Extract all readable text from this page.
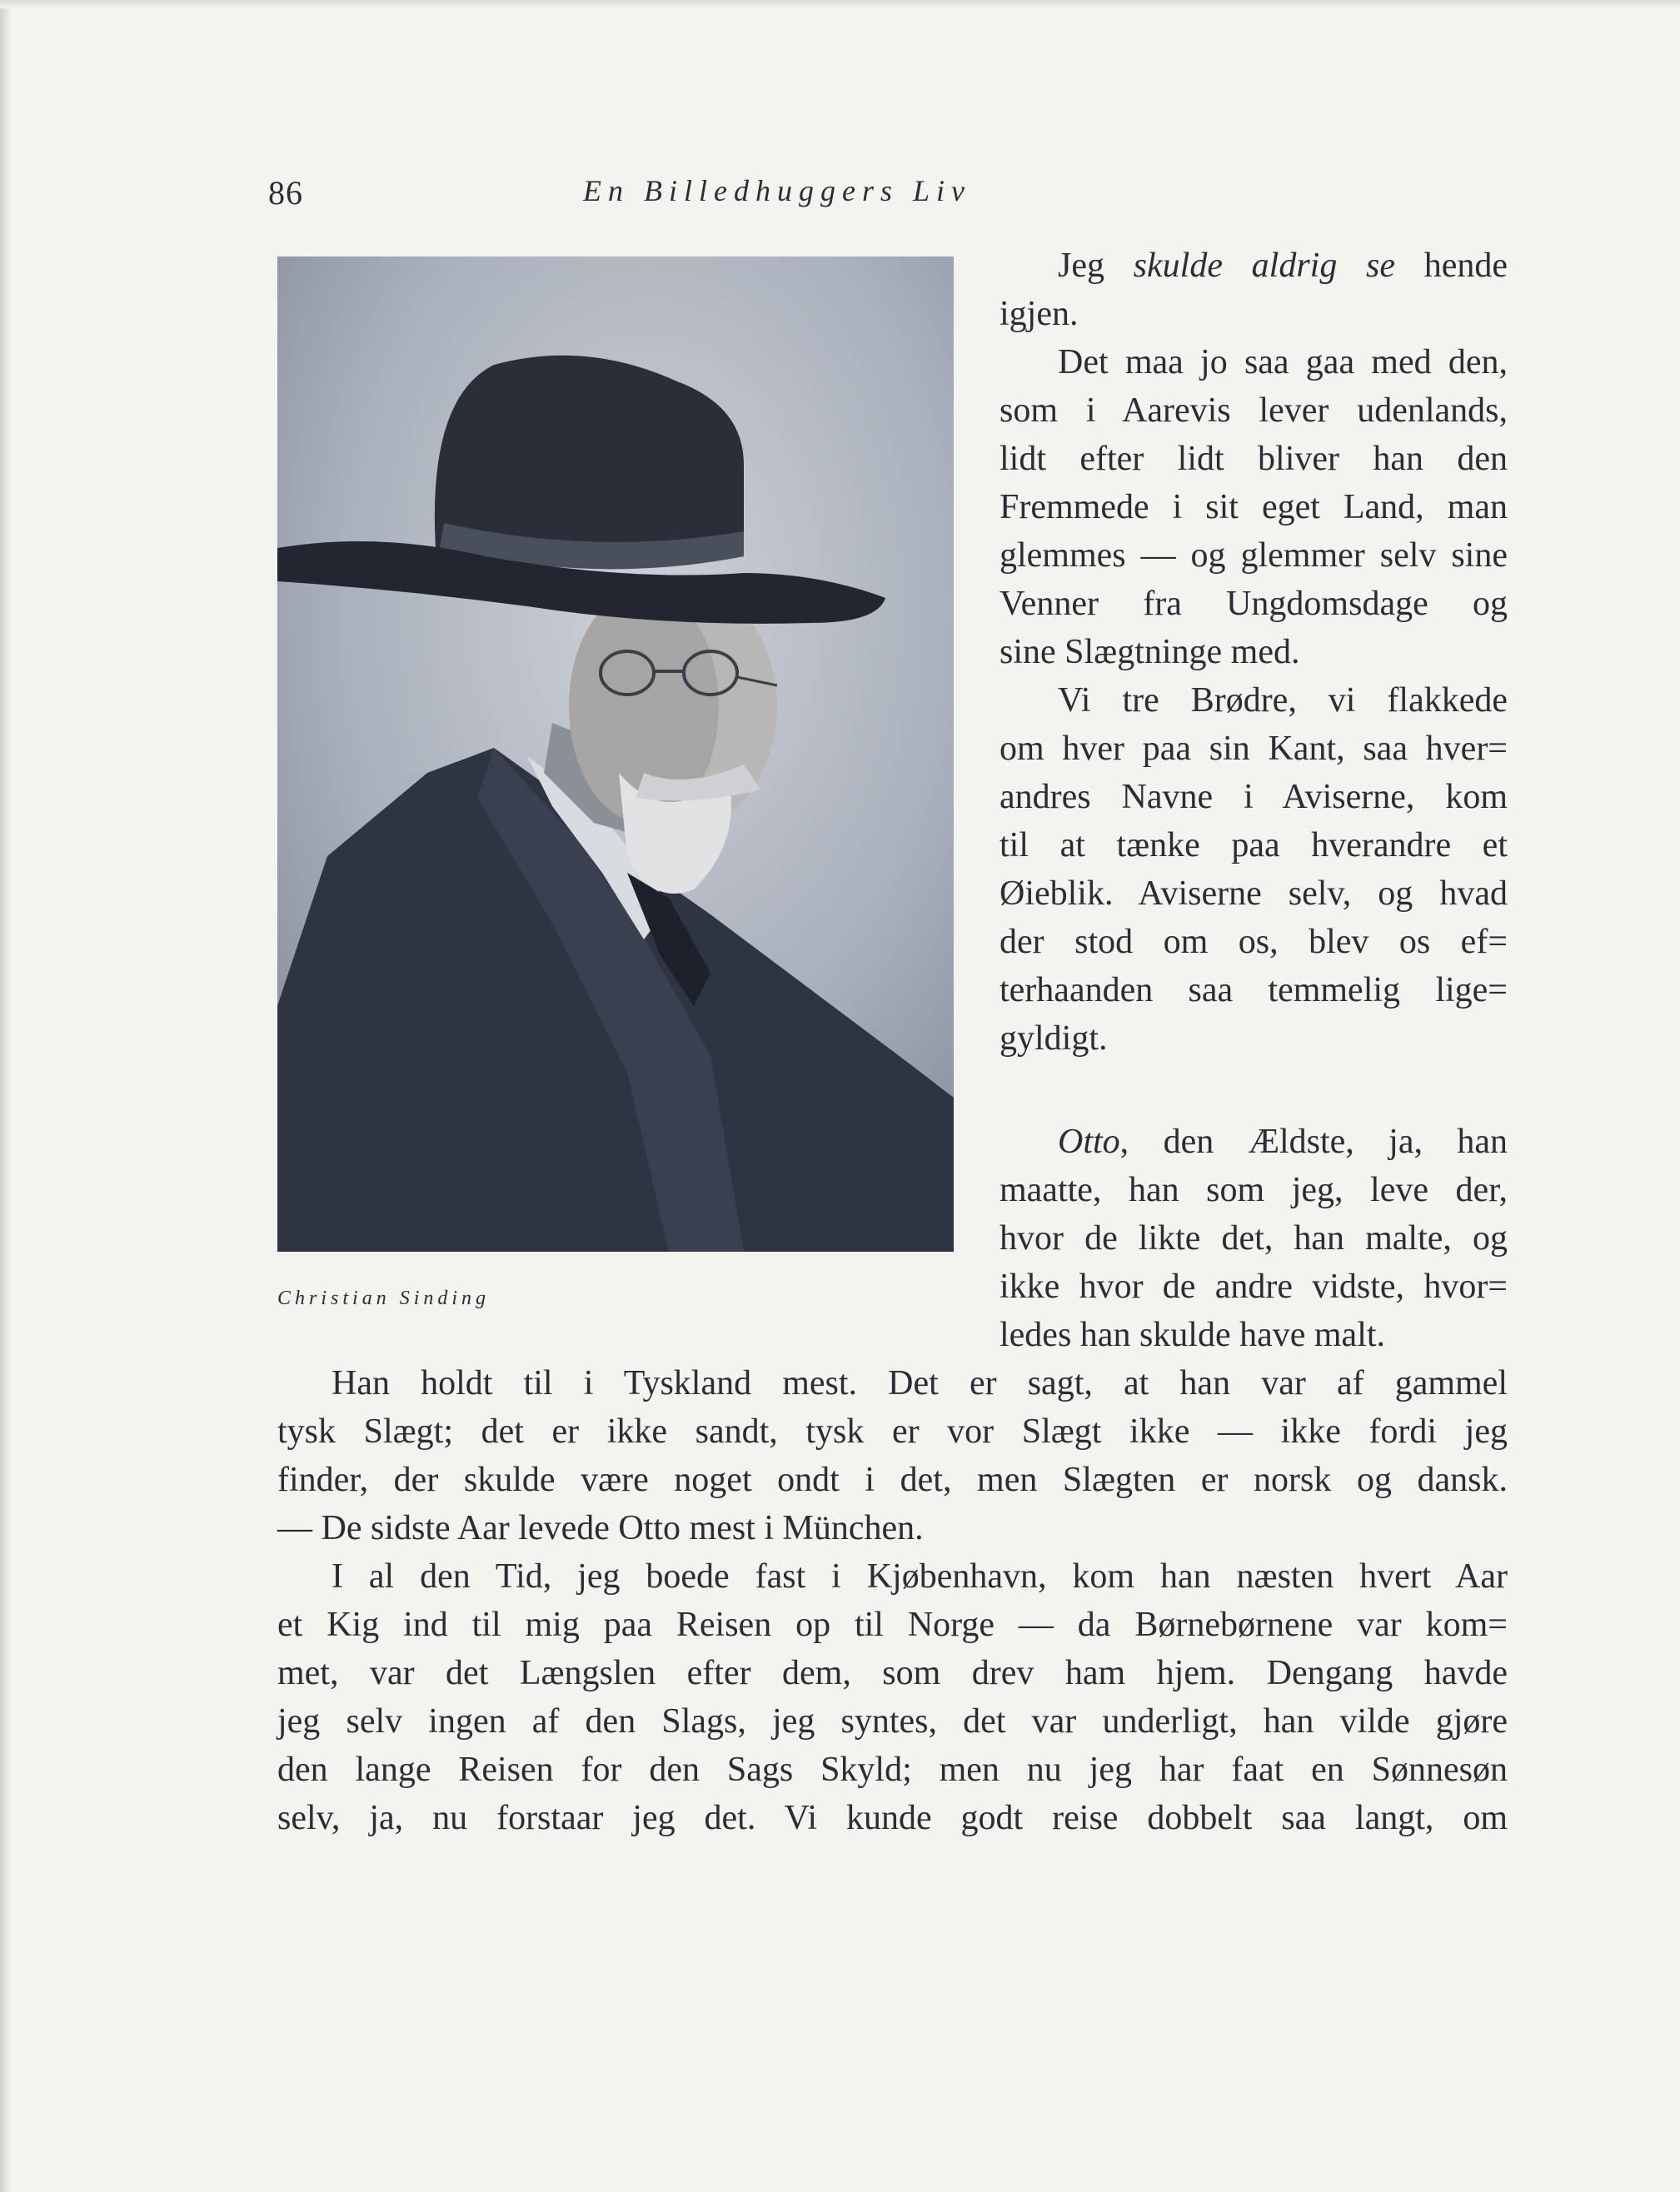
86	En Billedhuggers Liv
Christian Sinding
Jeg skulde aldrig se hende
igjen.
Det maa jo saa gaa med den,
som i Aarevis lever udenlands,
lidt efter lidt bliver han den
Fremmede i sit eget Land, man
glemmes — og glemmer selv sine
Venner fra Ungdomsdage og
sine Slægtninge med.
Vi tre Brødre, vi flakkede
om hver paa sin Kant, saa hver=
andres Navne i Aviserne, kom
til at tænke paa hverandre et
Øieblik. Aviserne selv, og hvad
der stod om os, blev os ef=
terhaanden saa temmelig lige=
gyldigt.
Otto, den Ældste, ja, han
maatte, han som jeg, leve der,
hvor de likte det, han malte, og
ikke hvor de andre vidste, hvor=
ledes han skulde have malt.
Han holdt til i Tyskland mest. Det er sagt, at han var af gammel
tysk Slægt; det er ikke sandt, tysk er vor Slægt ikke — ikke fordi jeg
finder, der skulde være noget ondt i det, men Slægten er norsk og dansk.
— De sidste Aar levede Otto mest i München.
I al den Tid, jeg boede fast i Kjøbenhavn, kom han næsten hvert Aar
et Kig ind til mig paa Reisen op til Norge — da Børnebørnene var kom=
met, var det Længslen efter dem, som drev ham hjem. Dengang havde
jeg selv ingen af den Slags, jeg syntes, det var underligt, han vilde gjøre
den lange Reisen for den Sags Skyld; men nu jeg har faat en Sønnesøn
selv, ja, nu forstaar jeg det. Vi kunde godt reise dobbelt saa langt, om
